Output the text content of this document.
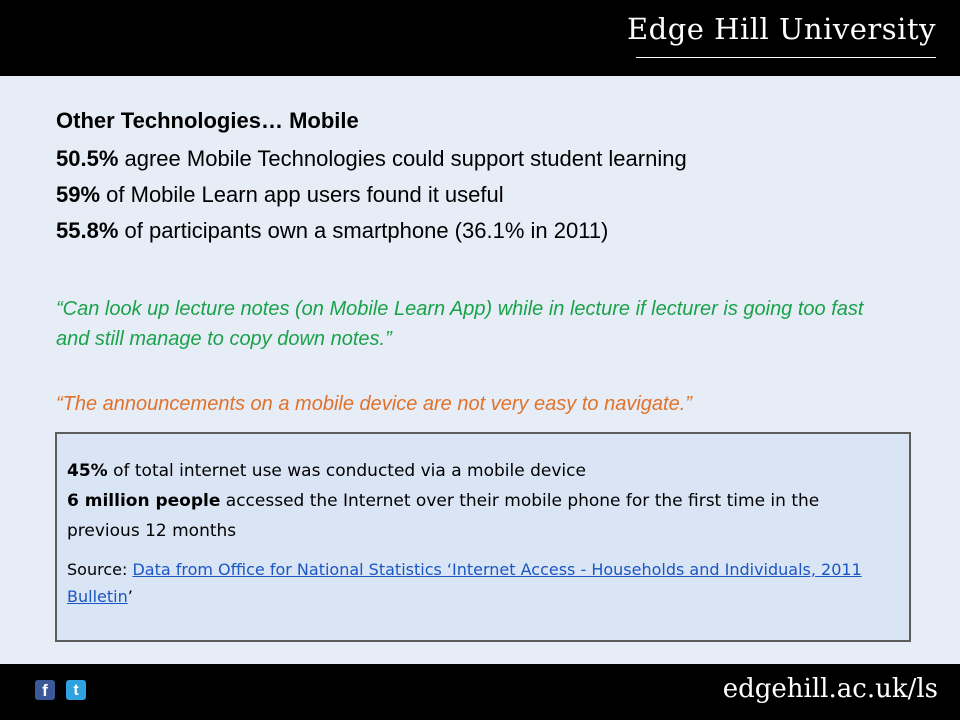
Edge Hill University
Other Technologies… Mobile
50.5% agree Mobile Technologies could support student learning
59% of Mobile Learn app users found it useful
55.8% of participants own a smartphone (36.1% in 2011)
“Can look up lecture notes (on Mobile Learn App) while in lecture if lecturer is going too fast and still manage to copy down notes.”
“The announcements on a mobile device are not very easy to navigate.”
45% of total internet use was conducted via a mobile device
6 million people accessed the Internet over their mobile phone for the first time in the previous 12 months
Source: Data from Office for National Statistics ‘Internet Access - Households and Individuals, 2011 Bulletin’
f	t	edgehill.ac.uk/ls
